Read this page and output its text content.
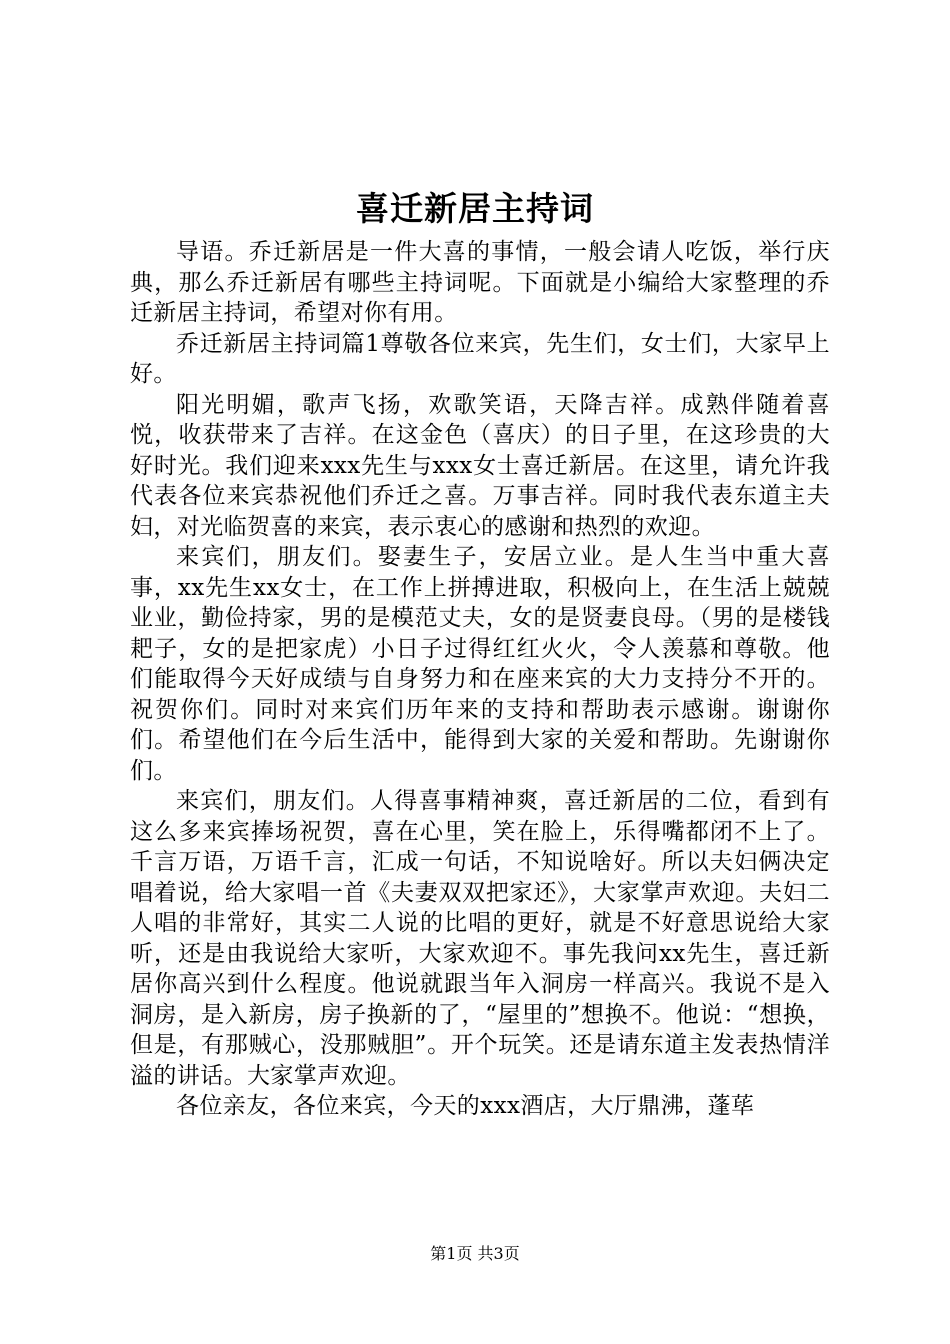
喜迁新居主持词

导语。乔迁新居是一件大喜的事情，一般会请人吃饭，举行庆典，那么乔迁新居有哪些主持词呢。下面就是小编给大家整理的乔迁新居主持词，希望对你有用。

乔迁新居主持词篇1尊敬各位来宾，先生们，女士们，大家早上好。

阳光明媚，歌声飞扬，欢歌笑语，天降吉祥。成熟伴随着喜悦，收获带来了吉祥。在这金色（喜庆）的日子里，在这珍贵的大好时光。我们迎来xxx先生与xxx女士喜迁新居。在这里，请允许我代表各位来宾恭祝他们乔迁之喜。万事吉祥。同时我代表东道主夫妇，对光临贺喜的来宾，表示衷心的感谢和热烈的欢迎。

来宾们，朋友们。娶妻生子，安居立业。是人生当中重大喜事，xx先生xx女士，在工作上拼搏进取，积极向上，在生活上兢兢业业，勤俭持家，男的是模范丈夫，女的是贤妻良母。（男的是楼钱耙子，女的是把家虎）小日子过得红红火火，令人羡慕和尊敬。他们能取得今天好成绩与自身努力和在座来宾的大力支持分不开的。祝贺你们。同时对来宾们历年来的支持和帮助表示感谢。谢谢你们。希望他们在今后生活中，能得到大家的关爱和帮助。先谢谢你们。

来宾们，朋友们。人得喜事精神爽，喜迁新居的二位，看到有这么多来宾捧场祝贺，喜在心里，笑在脸上，乐得嘴都闭不上了。千言万语，万语千言，汇成一句话，不知说啥好。所以夫妇俩决定唱着说，给大家唱一首《夫妻双双把家还》，大家掌声欢迎。夫妇二人唱的非常好，其实二人说的比唱的更好，就是不好意思说给大家听，还是由我说给大家听，大家欢迎不。事先我问xx先生，喜迁新居你高兴到什么程度。他说就跟当年入洞房一样高兴。我说不是入洞房，是入新房，房子换新的了，“屋里的”想换不。他说：“想换，但是，有那贼心，没那贼胆”。开个玩笑。还是请东道主发表热情洋溢的讲话。大家掌声欢迎。

各位亲友，各位来宾，今天的xxx酒店，大厅鼎沸，蓬荜

第1页 共3页
